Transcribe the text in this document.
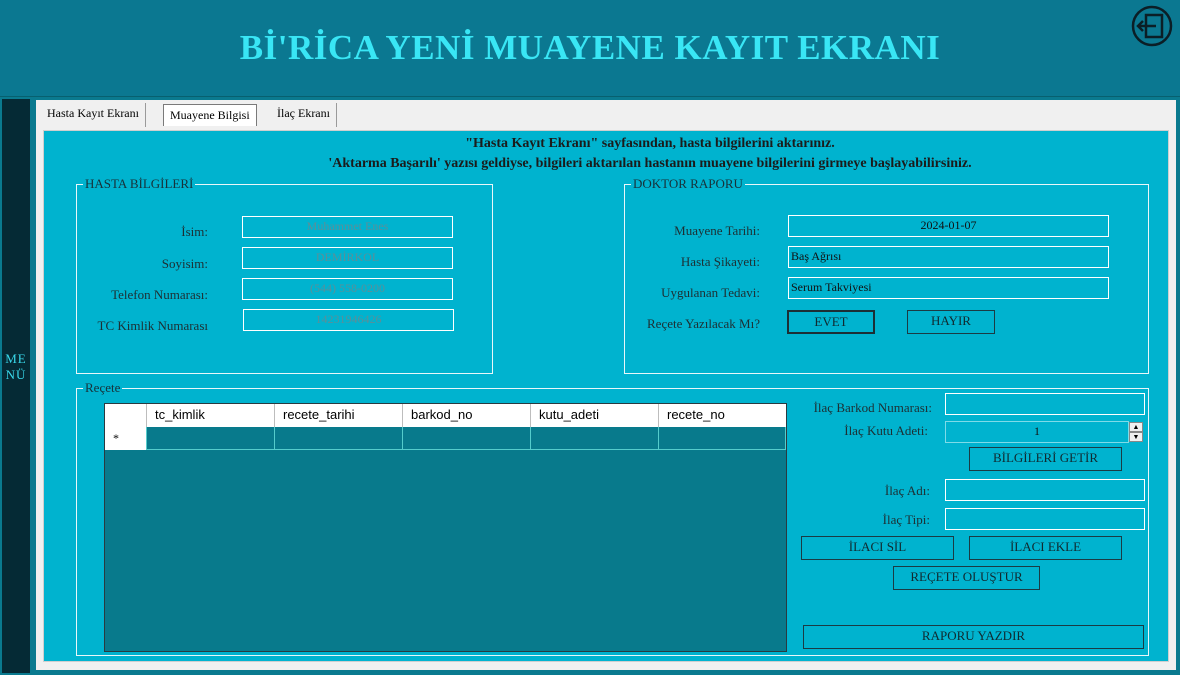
Bİ'RİCA YENİ MUAYENE KAYIT EKRANI
MENÜ
Hasta Kayıt Ekranı	Muayene Bilgisi	İlaç Ekranı
"Hasta Kayıt Ekranı" sayfasından, hasta bilgilerini aktarınız.
'Aktarma Başarılı' yazısı geldiyse, bilgileri aktarılan hastanın muayene bilgilerini girmeye başlayabilirsiniz.
HASTA BİLGİLERİ
İsim:	Muhammet Enes
Soyisim:	DEMİRKOL
Telefon Numarası:	(544) 558-0200
TC Kimlik Numarası	14231946426
DOKTOR RAPORU
Muayene Tarihi:	2024-01-07
Hasta Şikayeti:	Baş Ağrısı
Uygulanan Tedavi:	Serum Takviyesi
Reçete Yazılacak Mı?	EVET	HAYIR
Reçete
tc_kimlik	recete_tarihi	barkod_no	kutu_adeti	recete_no
*
İlaç Barkod Numarası:
İlaç Kutu Adeti:	1	▲
▼
BİLGİLERİ GETİR
İlaç Adı:
İlaç Tipi:
İLACI SİL	İLACI EKLE
REÇETE OLUŞTUR
RAPORU YAZDIR
